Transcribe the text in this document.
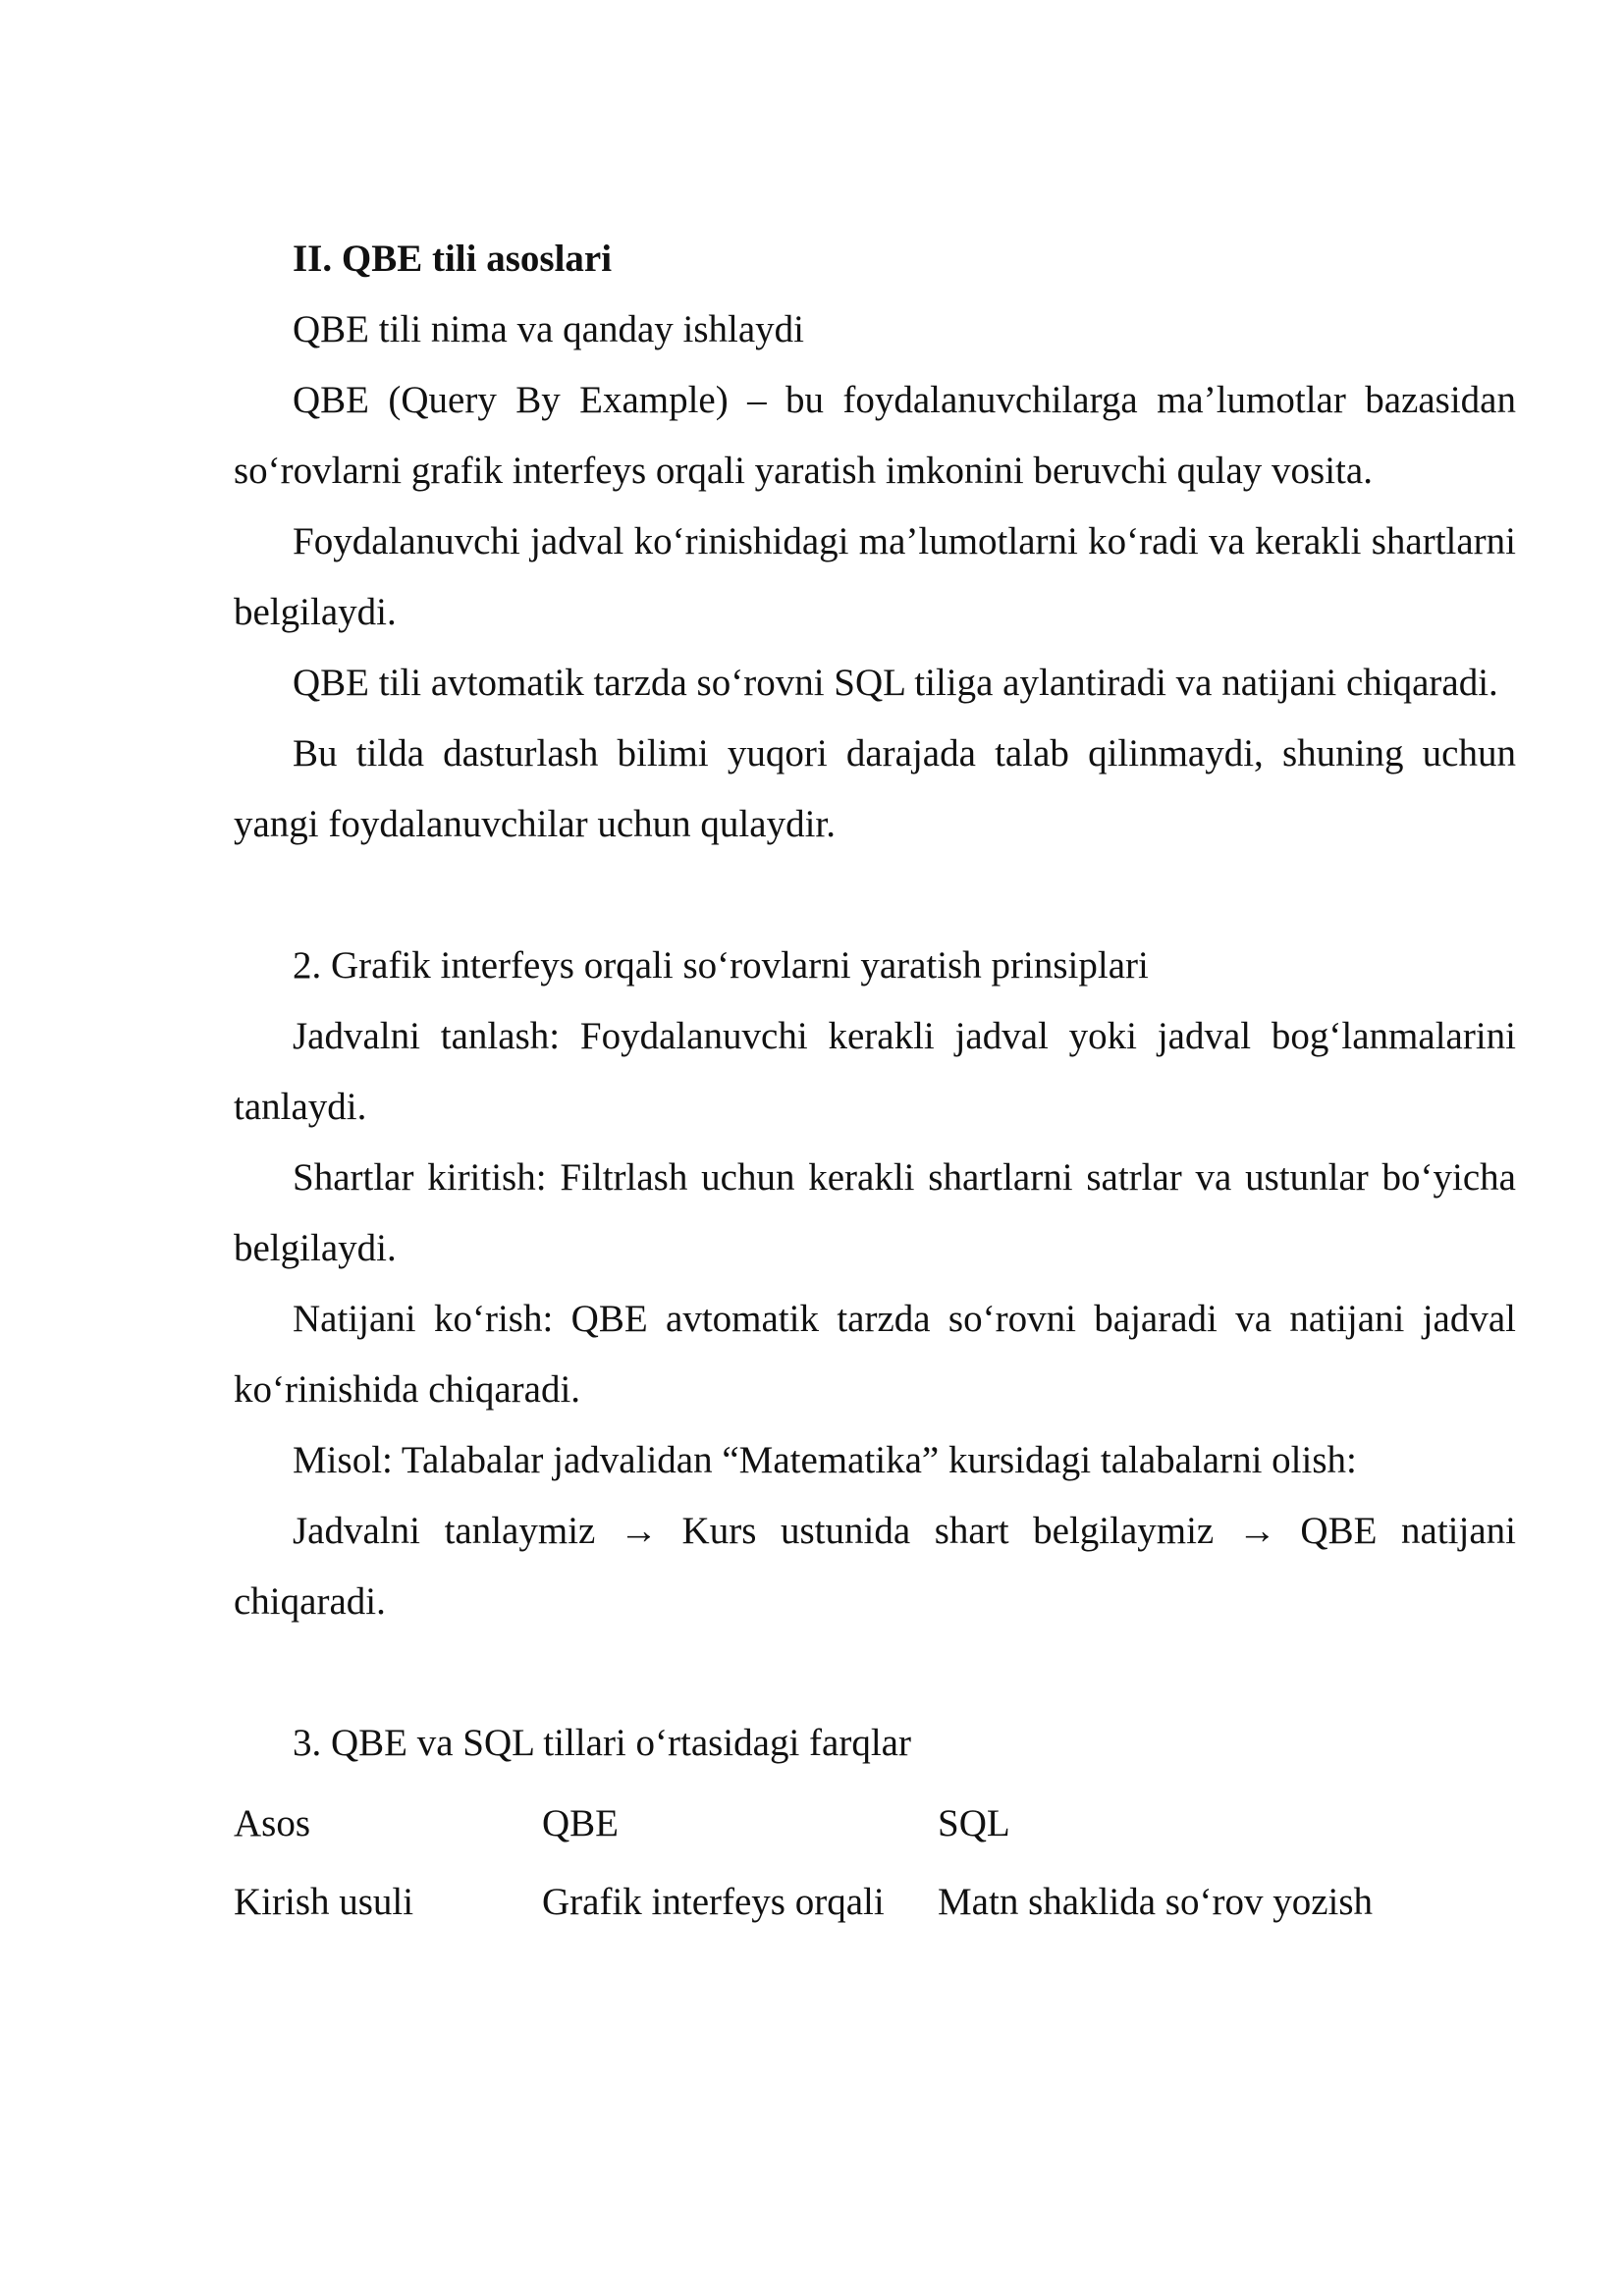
II. QBE tili asoslari

QBE tili nima va qanday ishlaydi

QBE (Query By Example) – bu foydalanuvchilarga ma’lumotlar bazasidan so‘rovlarni grafik interfeys orqali yaratish imkonini beruvchi qulay vosita.

Foydalanuvchi jadval ko‘rinishidagi ma’lumotlarni ko‘radi va kerakli shartlarni belgilaydi.

QBE tili avtomatik tarzda so‘rovni SQL tiliga aylantiradi va natijani chiqaradi.

Bu tilda dasturlash bilimi yuqori darajada talab qilinmaydi, shuning uchun yangi foydalanuvchilar uchun qulaydir.

2. Grafik interfeys orqali so‘rovlarni yaratish prinsiplari

Jadvalni tanlash: Foydalanuvchi kerakli jadval yoki jadval bog‘lanmalarini tanlaydi.

Shartlar kiritish: Filtrlash uchun kerakli shartlarni satrlar va ustunlar bo‘yicha belgilaydi.

Natijani ko‘rish: QBE avtomatik tarzda so‘rovni bajaradi va natijani jadval ko‘rinishida chiqaradi.

Misol: Talabalar jadvalidan “Matematika” kursidagi talabalarni olish:

Jadvalni tanlaymiz → Kurs ustunida shart belgilaymiz → QBE natijani chiqaradi.

3. QBE va SQL tillari o‘rtasidagi farqlar

Asos	QBE	SQL
Kirish usuli	Grafik interfeys orqali	Matn shaklida so‘rov yozish
